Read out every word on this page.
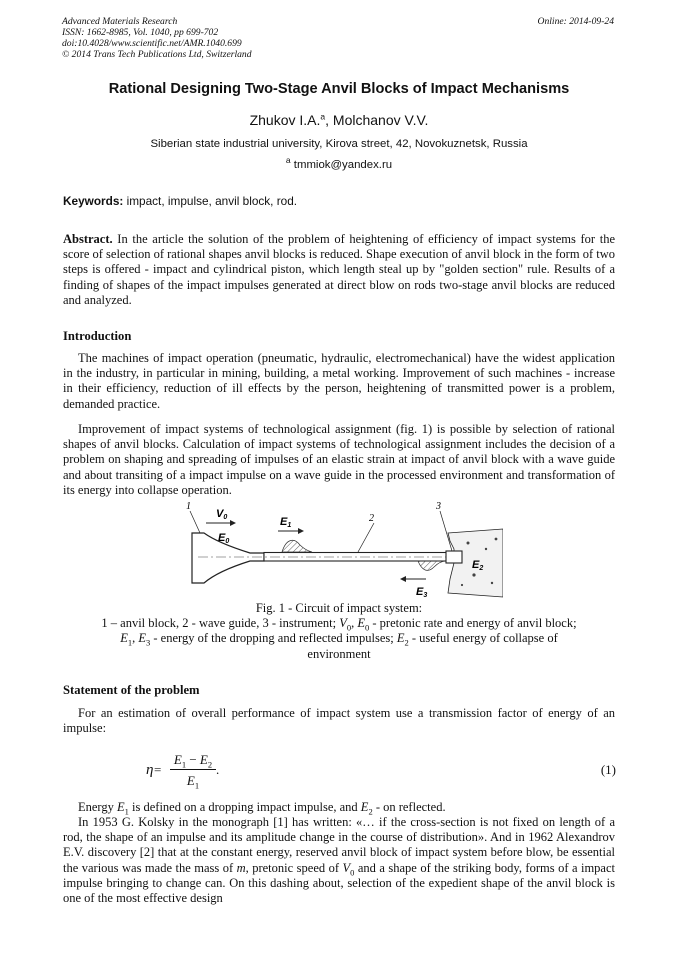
Advanced Materials Research
ISSN: 1662-8985, Vol. 1040, pp 699-702
doi:10.4028/www.scientific.net/AMR.1040.699
© 2014 Trans Tech Publications Ltd, Switzerland
Online: 2014-09-24
Rational Designing Two-Stage Anvil Blocks of Impact Mechanisms
Zhukov I.A.$^a$, Molchanov V.V.
Siberian state industrial university, Kirova street, 42, Novokuznetsk, Russia
$^a$ tmmiok@yandex.ru
Keywords: impact, impulse, anvil block, rod.
Abstract. In the article the solution of the problem of heightening of efficiency of impact systems for the score of selection of rational shapes anvil blocks is reduced. Shape execution of anvil block in the form of two steps is offered - impact and cylindrical piston, which length steal up by "golden section" rule. Results of a finding of shapes of the impact impulses generated at direct blow on rods two-stage anvil blocks are reduced and analyzed.
Introduction
The machines of impact operation (pneumatic, hydraulic, electromechanical) have the widest application in the industry, in particular in mining, building, a metal working. Improvement of such machines - increase in their efficiency, reduction of ill effects by the person, heightening of transmitted power is a problem, demanded practice.
Improvement of impact systems of technological assignment (fig. 1) is possible by selection of rational shapes of anvil blocks. Calculation of impact systems of technological assignment includes the decision of a problem on shaping and spreading of impulses of an elastic strain at impact of anvil block with a wave guide and about transiting of a impact impulse on a wave guide in the processed environment and transformation of its energy into collapse operation.
1
2
3
V0
E0
E1
E2
E3
Fig. 1 - Circuit of impact system:
1 – anvil block, 2 - wave guide, 3 - instrument; $V_0$, $E_0$ - pretonic rate and energy of anvil block;
$E_1$, $E_3$ - energy of the dropping and reflected impulses; $E_2$ - useful energy of collapse of
environment
Statement of the problem
For an estimation of overall performance of impact system use a transmission factor of energy of an impulse:
η =
$E_1 - E_2$
$E_1$
.	(1)
Energy $E_1$ is defined on a dropping impact impulse, and $E_2$ - on reflected.
In 1953 G. Kolsky in the monograph [1] has written: «… if the cross-section is not fixed on length of a rod, the shape of an impulse and its amplitude change in the course of distribution». And in 1962 Alexandrov E.V. discovery [2] that at the constant energy, reserved anvil block of impact system before blow, be essential the various was made the mass of m, pretonic speed of $V_0$ and a shape of the striking body, forms of a impact impulse bringing to change can. On this dashing about, selection of the expedient shape of the anvil block is one of the most effective design
